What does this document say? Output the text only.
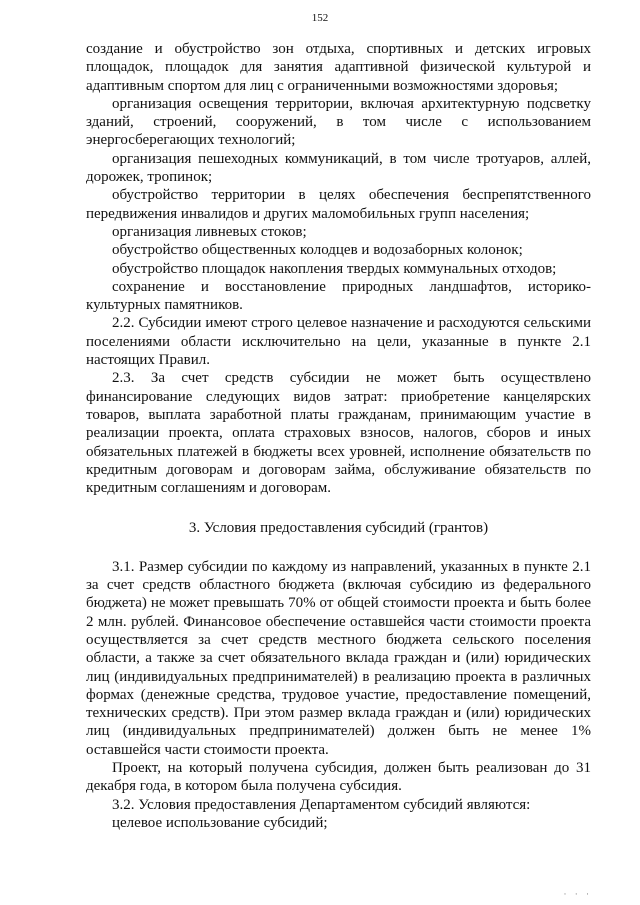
152

создание и обустройство зон отдыха, спортивных и детских игровых площадок, площадок для занятия адаптивной физической культурой и адаптивным спортом для лиц с ограниченными возможностями здоровья;

организация освещения территории, включая архитектурную подсветку зданий, строений, сооружений, в том числе с использованием энергосберегающих технологий;

организация пешеходных коммуникаций, в том числе тротуаров, аллей, дорожек, тропинок;

обустройство территории в целях обеспечения беспрепятственного передвижения инвалидов и других маломобильных групп населения;

организация ливневых стоков;

обустройство общественных колодцев и водозаборных колонок;

обустройство площадок накопления твердых коммунальных отходов;

сохранение и восстановление природных ландшафтов, историко-культурных памятников.

2.2. Субсидии имеют строго целевое назначение и расходуются сельскими поселениями области исключительно на цели, указанные в пункте 2.1 настоящих Правил.

2.3. За счет средств субсидии не может быть осуществлено финансирование следующих видов затрат: приобретение канцелярских товаров, выплата заработной платы гражданам, принимающим участие в реализации проекта, оплата страховых взносов, налогов, сборов и иных обязательных платежей в бюджеты всех уровней, исполнение обязательств по кредитным договорам и договорам займа, обслуживание обязательств по кредитным соглашениям и договорам.

3. Условия предоставления субсидий (грантов)

3.1. Размер субсидии по каждому из направлений, указанных в пункте 2.1 за счет средств областного бюджета (включая субсидию из федерального бюджета) не может превышать 70% от общей стоимости проекта и быть более 2 млн. рублей. Финансовое обеспечение оставшейся части стоимости проекта осуществляется за счет средств местного бюджета сельского поселения области, а также за счет обязательного вклада граждан и (или) юридических лиц (индивидуальных предпринимателей) в реализацию проекта в различных формах (денежные средства, трудовое участие, предоставление помещений, технических средств). При этом размер вклада граждан и (или) юридических лиц (индивидуальных предпринимателей) должен быть не менее 1% оставшейся части стоимости проекта.

Проект, на который получена субсидия, должен быть реализован до 31 декабря года, в котором была получена субсидия.

3.2. Условия предоставления Департаментом субсидий являются:

целевое использование субсидий;

· · ·
